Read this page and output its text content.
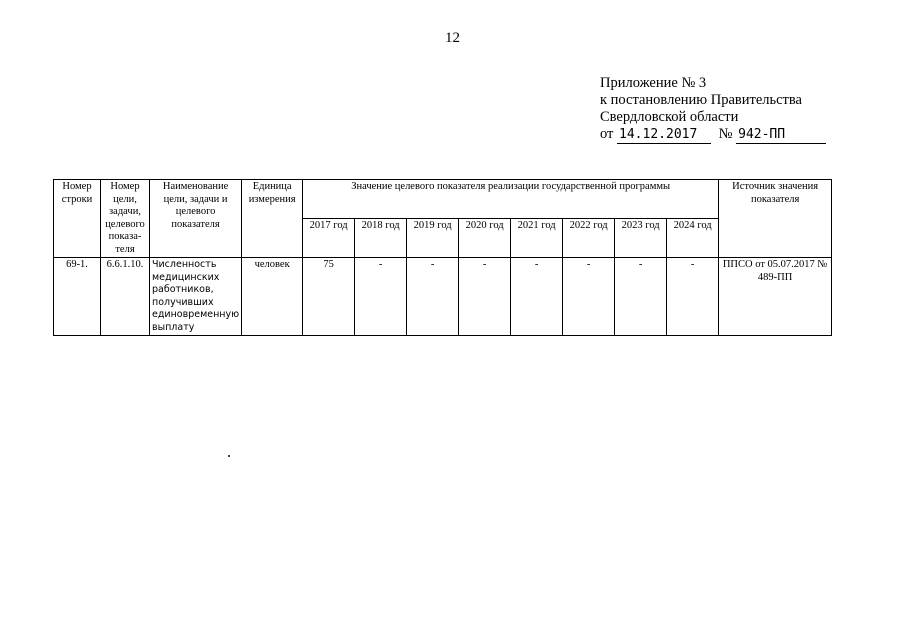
12
Приложение № 3
к постановлению Правительства
Свердловской области
от 14.12.2017 № 942-ПП
Номер строки	Номер цели, задачи, целевого показа-теля	Наименование цели, задачи и целевого показателя	Единица измерения	Значение целевого показателя реализации государственной программы								Источник значения показателя
				2017 год	2018 год	2019 год	2020 год	2021 год	2022 год	2023 год	2024 год	
69-1.	6.6.1.10.	Численность медицинских работников, получивших единовременную выплату	человек	75	-	-	-	-	-	-	-	ППСО от 05.07.2017 № 489-ПП
